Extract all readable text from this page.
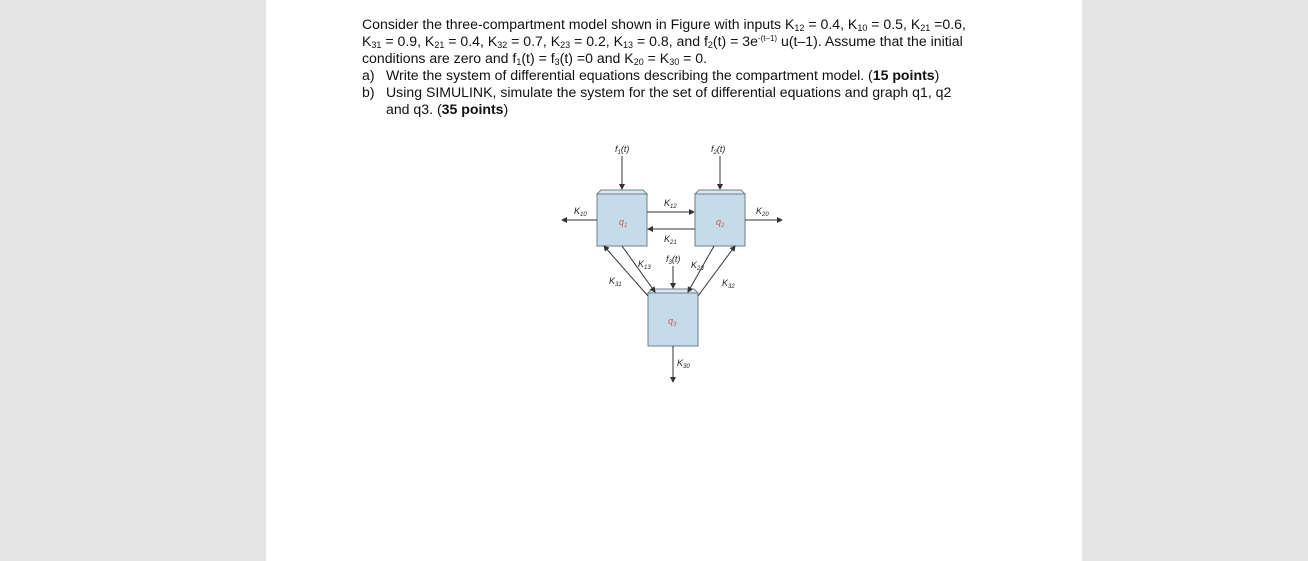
Consider the three-compartment model shown in Figure with inputs $K_{12} = 0.4$, $K_{10} = 0.5$, $K_{21} =0.6$,

$K_{31} = 0.9$, $K_{21} = 0.4$, $K_{32} = 0.7$, $K_{23} = 0.2$, $K_{13} = 0.8$, and $f_2(t) = 3e^{-(t-1)}$ u(t–1). Assume that the initial

conditions are zero and $f_1(t) = f_3(t) =0$ and $K_{20} = K_{30} = 0$.

a) Write the system of differential equations describing the compartment model. (15 points)

b) Using SIMULINK, simulate the system for the set of differential equations and graph q1, q2
and q3. (35 points)

$q_1$	$q_2$
$q_3$
$f_1(t)$	$f_2(t)$
$f_3(t)$
$K_{10}$	$K_{20}$
$K_{30}$
$K_{12}$
$K_{21}$
$K_{13}$
$K_{31}$
$K_{23}$
$K_{32}$
